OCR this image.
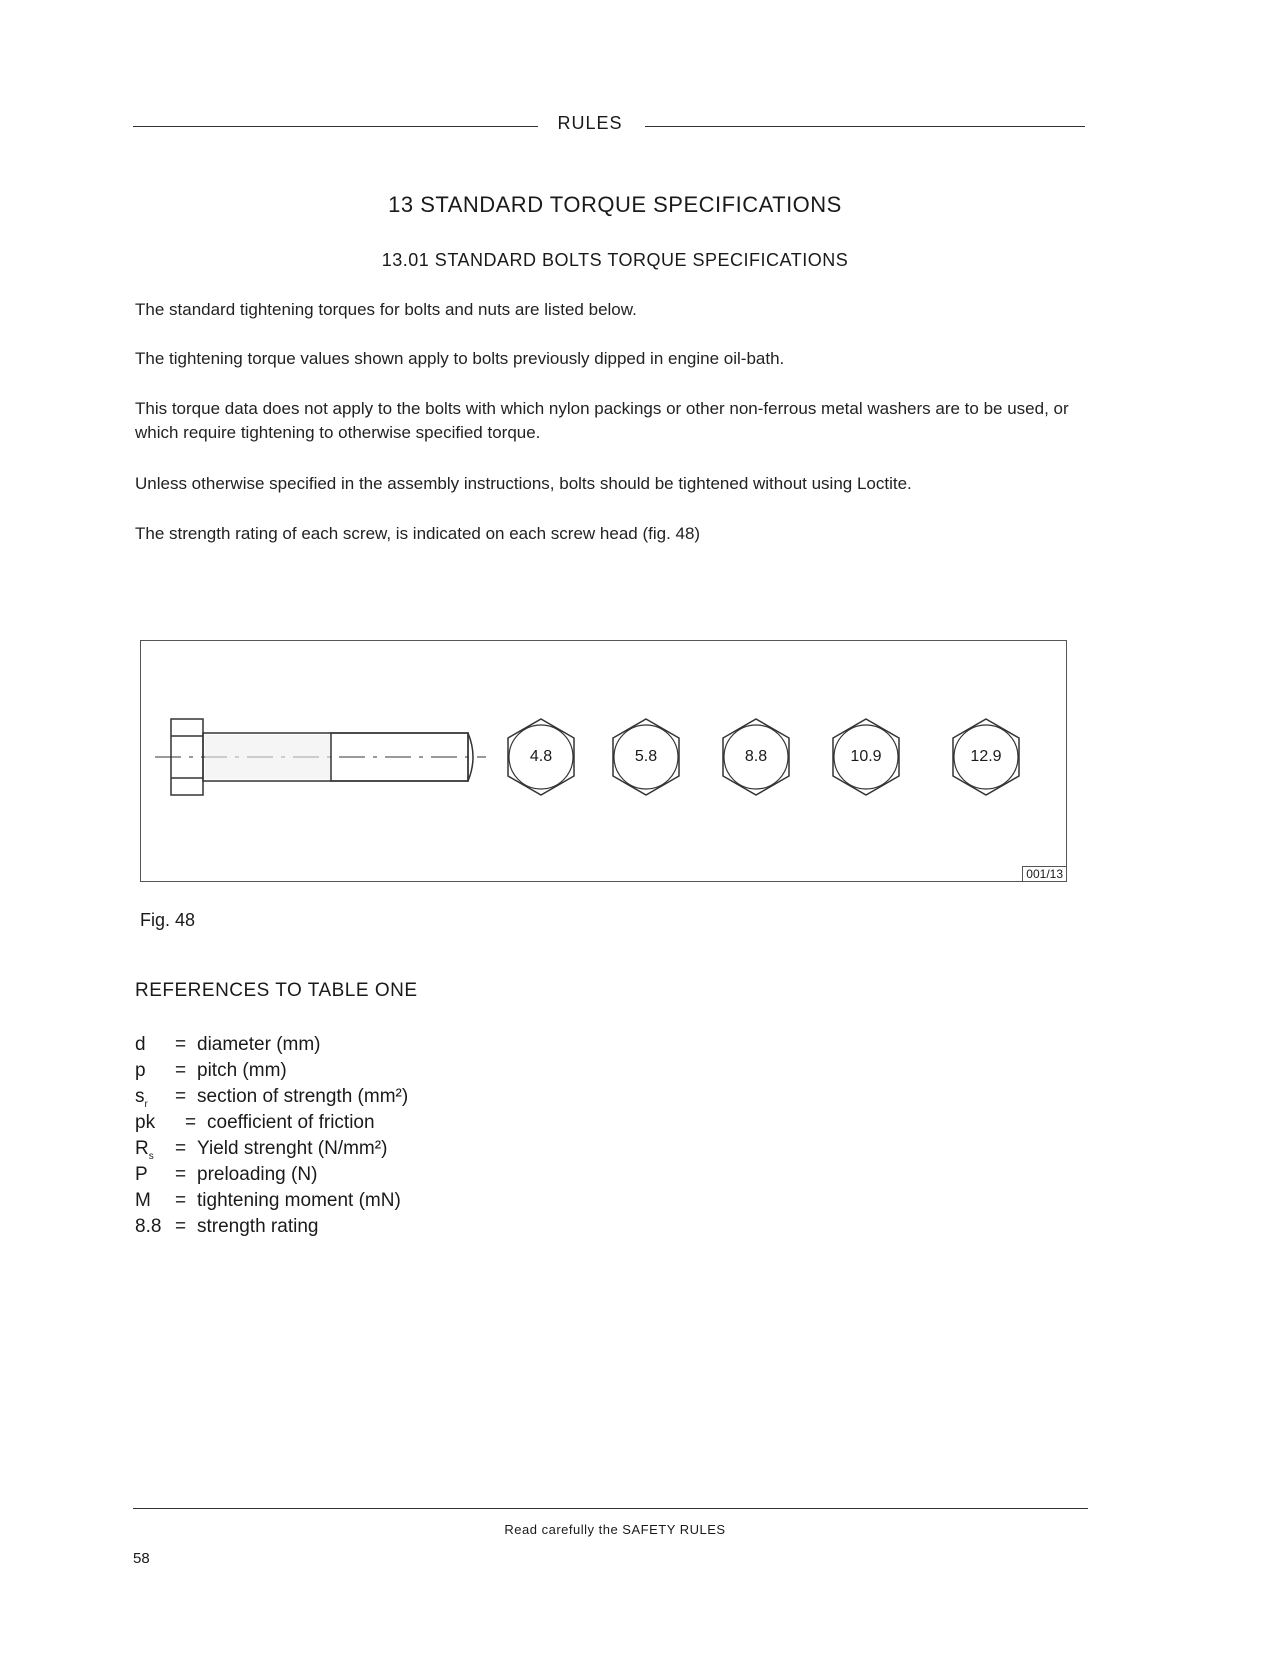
RULES
13 STANDARD TORQUE SPECIFICATIONS
13.01 STANDARD BOLTS TORQUE SPECIFICATIONS
The standard tightening torques for bolts and nuts are listed below.
The tightening torque values shown apply to bolts previously dipped in engine oil-bath.
This torque data does not apply to the bolts with which nylon packings or other non-ferrous metal washers are to be used, or which require tightening to otherwise specified torque.
Unless otherwise specified in the assembly instructions, bolts should be tightened without using Loctite.
The strength rating of each screw, is indicated on each screw head (fig. 48)
4.8	5.8	8.8	10.9	12.9
001/13
Fig. 48
REFERENCES TO TABLE ONE
d	= diameter (mm)
p	= pitch (mm)
$s_r$	= section of strength (mm²)
pk	= coefficient of friction
$R_s$	= Yield strenght (N/mm²)
P	= preloading (N)
M	= tightening moment (mN)
8.8 = strength rating
Read carefully the SAFETY RULES
58
